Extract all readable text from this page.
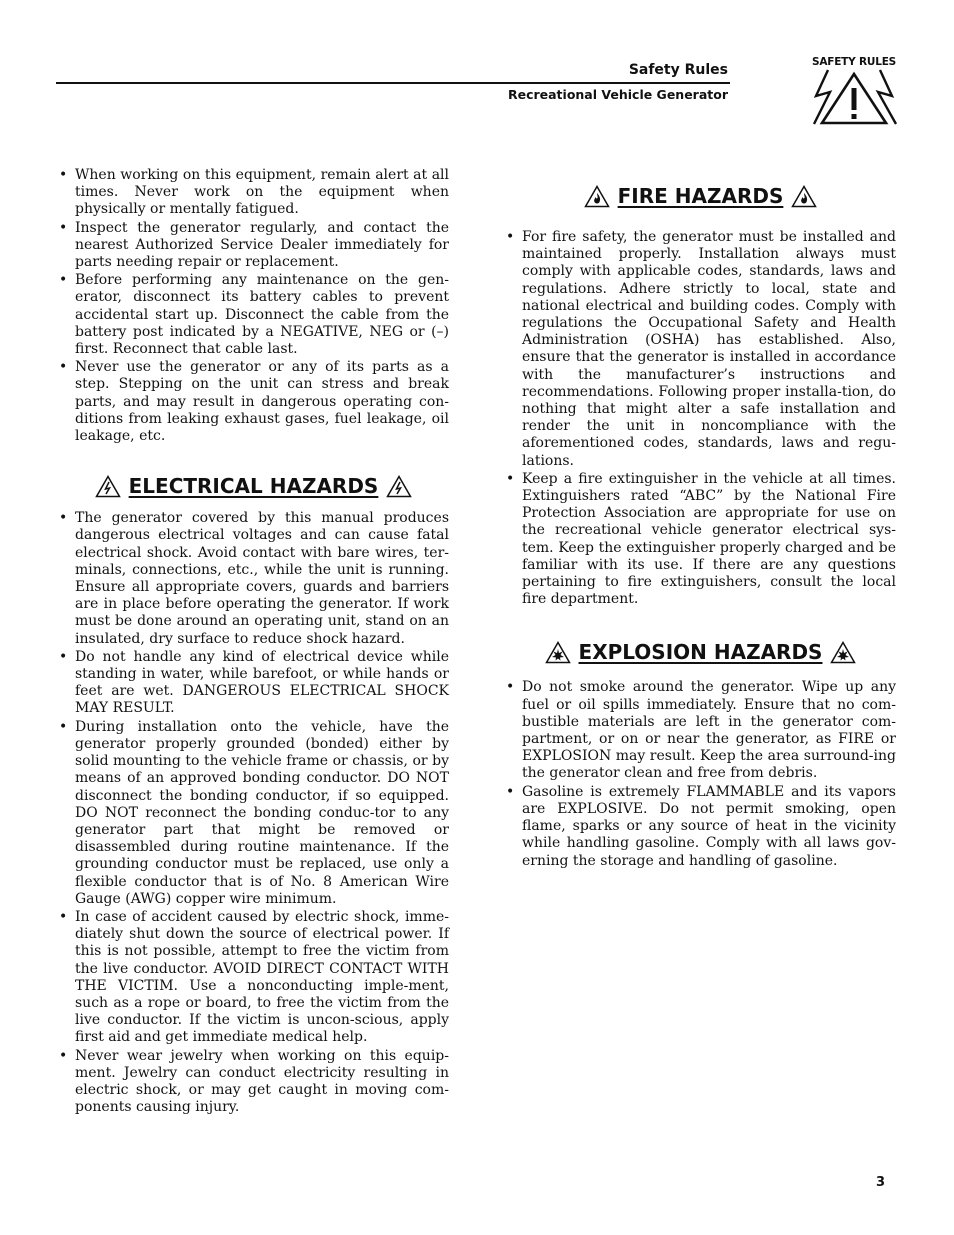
Safety Rules
Recreational Vehicle Generator
SAFETY RULES
• When working on this equipment, remain alert at all times. Never work on the equipment when physically or mentally fatigued.
• Inspect the generator regularly, and contact the nearest Authorized Service Dealer immediately for parts needing repair or replacement.
• Before performing any maintenance on the gen-erator, disconnect its battery cables to prevent accidental start up. Disconnect the cable from the battery post indicated by a NEGATIVE, NEG or (–) first. Reconnect that cable last.
• Never use the generator or any of its parts as a step. Stepping on the unit can stress and break parts, and may result in dangerous operating con-ditions from leaking exhaust gases, fuel leakage, oil leakage, etc.
ELECTRICAL HAZARDS
• The generator covered by this manual produces dangerous electrical voltages and can cause fatal electrical shock. Avoid contact with bare wires, ter-minals, connections, etc., while the unit is running. Ensure all appropriate covers, guards and barriers are in place before operating the generator. If work must be done around an operating unit, stand on an insulated, dry surface to reduce shock hazard.
• Do not handle any kind of electrical device while standing in water, while barefoot, or while hands or feet are wet. DANGEROUS ELECTRICAL SHOCK MAY RESULT.
• During installation onto the vehicle, have the generator properly grounded (bonded) either by solid mounting to the vehicle frame or chassis, or by means of an approved bonding conductor. DO NOT disconnect the bonding conductor, if so equipped. DO NOT reconnect the bonding conduc-tor to any generator part that might be removed or disassembled during routine maintenance. If the grounding conductor must be replaced, use only a flexible conductor that is of No. 8 American Wire Gauge (AWG) copper wire minimum.
• In case of accident caused by electric shock, imme-diately shut down the source of electrical power. If this is not possible, attempt to free the victim from the live conductor. AVOID DIRECT CONTACT WITH THE VICTIM. Use a nonconducting imple-ment, such as a rope or board, to free the victim from the live conductor. If the victim is uncon-scious, apply first aid and get immediate medical help.
• Never wear jewelry when working on this equip-ment. Jewelry can conduct electricity resulting in electric shock, or may get caught in moving com-ponents causing injury.
FIRE HAZARDS
• For fire safety, the generator must be installed and maintained properly. Installation always must comply with applicable codes, standards, laws and regulations. Adhere strictly to local, state and national electrical and building codes. Comply with regulations the Occupational Safety and Health Administration (OSHA) has established. Also, ensure that the generator is installed in accordance with the manufacturer’s instructions and recommendations. Following proper installa-tion, do nothing that might alter a safe installation and render the unit in noncompliance with the aforementioned codes, standards, laws and regu-lations.
• Keep a fire extinguisher in the vehicle at all times. Extinguishers rated “ABC” by the National Fire Protection Association are appropriate for use on the recreational vehicle generator electrical sys-tem. Keep the extinguisher properly charged and be familiar with its use. If there are any questions pertaining to fire extinguishers, consult the local fire department.
EXPLOSION HAZARDS
• Do not smoke around the generator. Wipe up any fuel or oil spills immediately. Ensure that no com-bustible materials are left in the generator com-partment, or on or near the generator, as FIRE or EXPLOSION may result. Keep the area surround-ing the generator clean and free from debris.
• Gasoline is extremely FLAMMABLE and its vapors are EXPLOSIVE. Do not permit smoking, open flame, sparks or any source of heat in the vicinity while handling gasoline. Comply with all laws gov-erning the storage and handling of gasoline.
3
